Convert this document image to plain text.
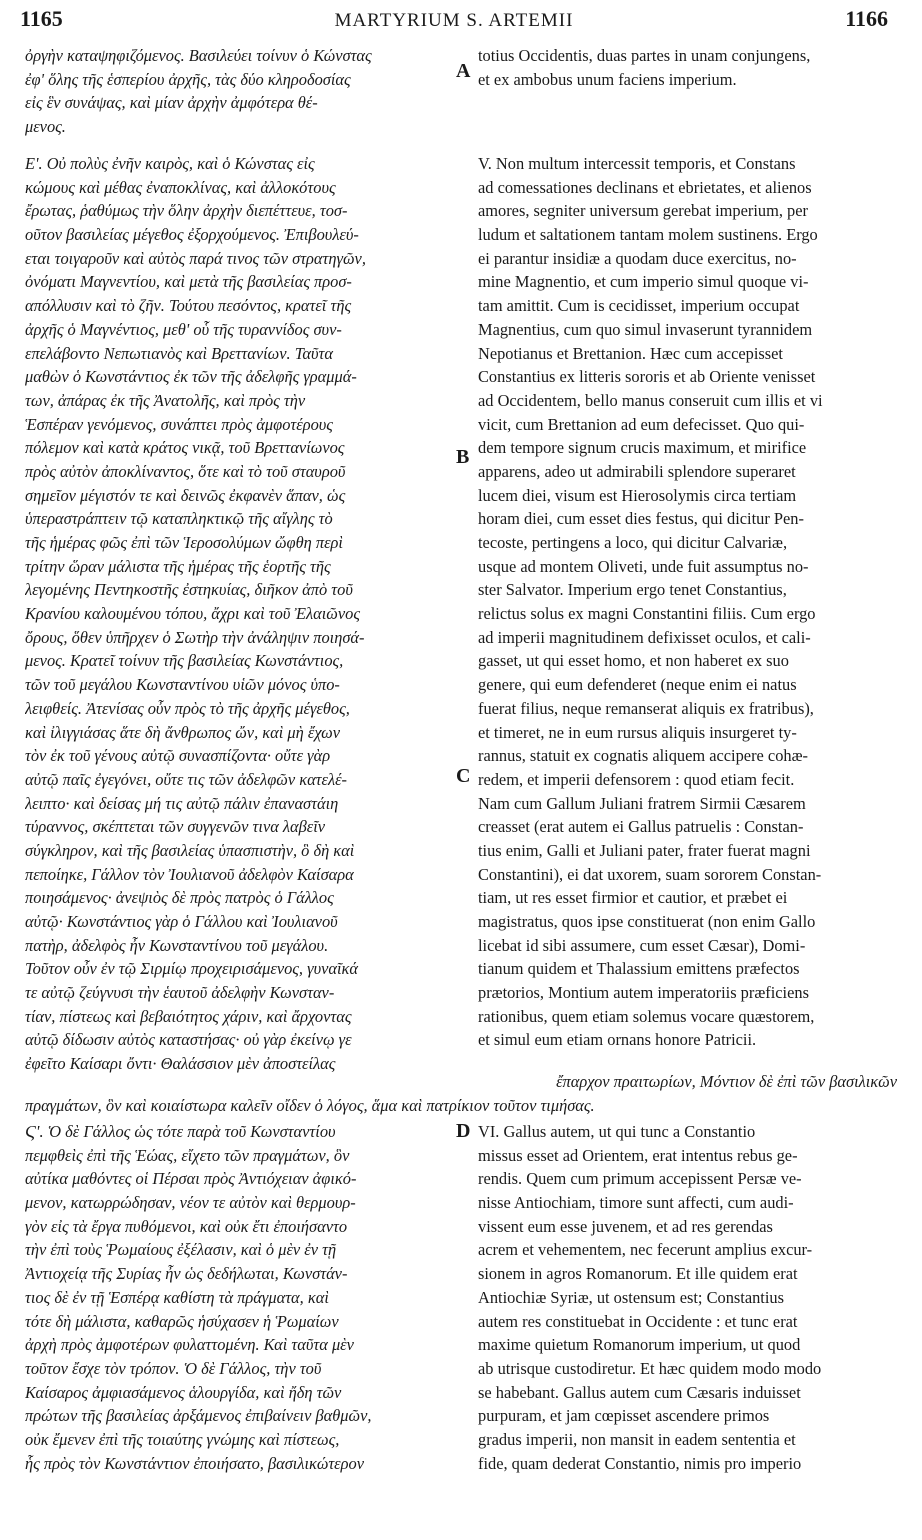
1165	MARTYRIUM S. ARTEMII	1166
ὀργὴν καταψηφιζόμενος. Βασιλεύει τοίνυν ὁ Κώνστας
ἐφ' ὅλης τῆς ἑσπερίου ἀρχῆς, τὰς δύο κληροδοσίας
εἰς ἓν συνάψας, καὶ μίαν ἀρχὴν ἀμφότερα θέ-
μενος.
totius Occidentis, duas partes in unam conjungens,
et ex ambobus unum faciens imperium.
Ε'. Οὐ πολὺς ἐνῆν καιρὸς, καὶ ὁ Κώνστας εἰς
κώμους καὶ μέθας ἐναποκλίνας, καὶ ἀλλοκότους
ἔρωτας, ῥαθύμως τὴν ὅλην ἀρχὴν διεπέττευε, τοσ-
οῦτον βασιλείας μέγεθος ἐξορχούμενος. Ἐπιβουλεύ-
εται τοιγαροῦν καὶ αὐτὸς παρά τινος τῶν στρατηγῶν,
ὀνόματι Μαγνεντίου, καὶ μετὰ τῆς βασιλείας προσ-
απόλλυσιν καὶ τὸ ζῆν. Τούτου πεσόντος, κρατεῖ τῆς
ἀρχῆς ὁ Μαγνέντιος, μεθ' οὗ τῆς τυραννίδος συν-
επελάβοντο Νεπωτιανὸς καὶ Βρεττανίων. Ταῦτα
μαθὼν ὁ Κωνστάντιος ἐκ τῶν τῆς ἀδελφῆς γραμμά-
των, ἀπάρας ἐκ τῆς Ἀνατολῆς, καὶ πρὸς τὴν
Ἑσπέραν γενόμενος, συνάπτει πρὸς ἀμφοτέρους
πόλεμον καὶ κατὰ κράτος νικᾷ, τοῦ Βρεττανίωνος
πρὸς αὐτὸν ἀποκλίναντος, ὅτε καὶ τὸ τοῦ σταυροῦ
σημεῖον μέγιστόν τε καὶ δεινῶς ἐκφανὲν ἅπαν, ὡς
ὑπεραστράπτειν τῷ καταπληκτικῷ τῆς αἴγλης τὸ
τῆς ἡμέρας φῶς ἐπὶ τῶν Ἱεροσολύμων ὤφθη περὶ
τρίτην ὥραν μάλιστα τῆς ἡμέρας τῆς ἑορτῆς τῆς
λεγομένης Πεντηκοστῆς ἐστηκυίας, διῆκον ἀπὸ τοῦ
Κρανίου καλουμένου τόπου, ἄχρι καὶ τοῦ Ἐλαιῶνος
ὄρους, ὅθεν ὑπῆρχεν ὁ Σωτὴρ τὴν ἀνάληψιν ποιησά-
μενος. Κρατεῖ τοίνυν τῆς βασιλείας Κωνστάντιος,
τῶν τοῦ μεγάλου Κωνσταντίνου υἱῶν μόνος ὑπο-
λειφθείς. Ἀτενίσας οὖν πρὸς τὸ τῆς ἀρχῆς μέγεθος,
καὶ ἰλιγγιάσας ἅτε δὴ ἄνθρωπος ὤν, καὶ μὴ ἔχων
τὸν ἐκ τοῦ γένους αὐτῷ συνασπίζοντα· οὔτε γὰρ
αὐτῷ παῖς ἐγεγόνει, οὔτε τις τῶν ἀδελφῶν κατελέ-
λειπτο· καὶ δείσας μή τις αὐτῷ πάλιν ἐπαναστάιη
τύραννος, σκέπτεται τῶν συγγενῶν τινα λαβεῖν
σύγκληρον, καὶ τῆς βασιλείας ὑπασπιστὴν, ὃ δὴ καὶ
πεποίηκε, Γάλλον τὸν Ἰουλιανοῦ ἀδελφὸν Καίσαρα
ποιησάμενος· ἀνεψιὸς δὲ πρὸς πατρὸς ὁ Γάλλος
αὐτῷ· Κωνστάντιος γὰρ ὁ Γάλλου καὶ Ἰουλιανοῦ
πατὴρ, ἀδελφὸς ἦν Κωνσταντίνου τοῦ μεγάλου.
Τοῦτον οὖν ἐν τῷ Σιρμίῳ προχειρισάμενος, γυναῖκά
τε αὐτῷ ζεύγνυσι τὴν ἑαυτοῦ ἀδελφὴν Κωνσταν-
τίαν, πίστεως καὶ βεβαιότητος χάριν, καὶ ἄρχοντας
αὐτῷ δίδωσιν αὐτὸς καταστήσας· οὐ γὰρ ἐκείνῳ γε
ἐφεῖτο Καίσαρι ὄντι· Θαλάσσιον μὲν ἀποστείλας
V. Non multum intercessit temporis, et Constans
ad comessationes declinans et ebrietates, et alienos
amores, segniter universum gerebat imperium, per
ludum et saltationem tantam molem sustinens. Ergo
ei parantur insidiæ a quodam duce exercitus, no-
mine Magnentio, et cum imperio simul quoque vi-
tam amittit. Cum is cecidisset, imperium occupat
Magnentius, cum quo simul invaserunt tyrannidem
Nepotianus et Brettanion. Hæc cum accepisset
Constantius ex litteris sororis et ab Oriente venisset
ad Occidentem, bello manus conseruit cum illis et vi
vicit, cum Brettanion ad eum defecisset. Quo qui-
dem tempore signum crucis maximum, et mirifice
apparens, adeo ut admirabili splendore superaret
lucem diei, visum est Hierosolymis circa tertiam
horam diei, cum esset dies festus, qui dicitur Pen-
tecoste, pertingens a loco, qui dicitur Calvariæ,
usque ad montem Oliveti, unde fuit assumptus no-
ster Salvator. Imperium ergo tenet Constantius,
relictus solus ex magni Constantini filiis. Cum ergo
ad imperii magnitudinem defixisset oculos, et cali-
gasset, ut qui esset homo, et non haberet ex suo
genere, qui eum defenderet (neque enim ei natus
fuerat filius, neque remanserat aliquis ex fratribus),
et timeret, ne in eum rursus aliquis insurgeret ty-
rannus, statuit ex cognatis aliquem accipere cohæ-
redem, et imperii defensorem : quod etiam fecit.
Nam cum Gallum Juliani fratrem Sirmii Cæsarem
creasset (erat autem ei Gallus patruelis : Constan-
tius enim, Galli et Juliani pater, frater fuerat magni
Constantini), ei dat uxorem, suam sororem Constan-
tiam, ut res esset firmior et cautior, et præbet ei
magistratus, quos ipse constituerat (non enim Gallo
licebat id sibi assumere, cum esset Cæsar), Domi-
tianum quidem et Thalassium emittens præfectos
prætorios, Montium autem imperatoriis præficiens
rationibus, quem etiam solemus vocare quæstorem,
et simul eum etiam ornans honore Patricii.
ἔπαρχον πραιτωρίων, Μόντιον δὲ ἐπὶ τῶν βασιλικῶν
πραγμάτων, ὃν καὶ κοιαίστωρα καλεῖν οἴδεν ὁ λόγος, ἅμα καὶ πατρίκιον τοῦτον τιμήσας.
Ϛ'. Ὁ δὲ Γάλλος ὡς τότε παρὰ τοῦ Κωνσταντίου
πεμφθεὶς ἐπὶ τῆς Ἑώας, εἴχετο τῶν πραγμάτων, ὃν
αὐτίκα μαθόντες οἱ Πέρσαι πρὸς Ἀντιόχειαν ἀφικό-
μενον, κατωρρώδησαν, νέον τε αὐτὸν καὶ θερμουρ-
γὸν εἰς τὰ ἔργα πυθόμενοι, καὶ οὐκ ἔτι ἐποιήσαντο
τὴν ἐπὶ τοὺς Ῥωμαίους ἐξέλασιν, καὶ ὁ μὲν ἐν τῇ
Ἀντιοχείᾳ τῆς Συρίας ἦν ὡς δεδήλωται, Κωνστάν-
τιος δὲ ἐν τῇ Ἑσπέρᾳ καθίστη τὰ πράγματα, καὶ
τότε δὴ μάλιστα, καθαρῶς ἡσύχασεν ἡ Ῥωμαίων
ἀρχὴ πρὸς ἀμφοτέρων φυλαττομένη. Καὶ ταῦτα μὲν
τοῦτον ἔσχε τὸν τρόπον. Ὁ δὲ Γάλλος, τὴν τοῦ
Καίσαρος ἀμφιασάμενος ἁλουργίδα, καὶ ἤδη τῶν
πρώτων τῆς βασιλείας ἀρξάμενος ἐπιβαίνειν βαθμῶν,
οὐκ ἔμενεν ἐπὶ τῆς τοιαύτης γνώμης καὶ πίστεως,
ἧς πρὸς τὸν Κωνστάντιον ἐποιήσατο, βασιλικώτερον
VI. Gallus autem, ut qui tunc a Constantio
missus esset ad Orientem, erat intentus rebus ge-
rendis. Quem cum primum accepissent Persæ ve-
nisse Antiochiam, timore sunt affecti, cum audi-
vissent eum esse juvenem, et ad res gerendas
acrem et vehementem, nec fecerunt amplius excur-
sionem in agros Romanorum. Et ille quidem erat
Antiochiæ Syriæ, ut ostensum est; Constantius
autem res constituebat in Occidente : et tunc erat
maxime quietum Romanorum imperium, ut quod
ab utrisque custodiretur. Et hæc quidem modo modo
se habebant. Gallus autem cum Cæsaris induisset
purpuram, et jam cœpisset ascendere primos
gradus imperii, non mansit in eadem sententia et
fide, quam dederat Constantio, nimis pro imperio
A
B
C
D
